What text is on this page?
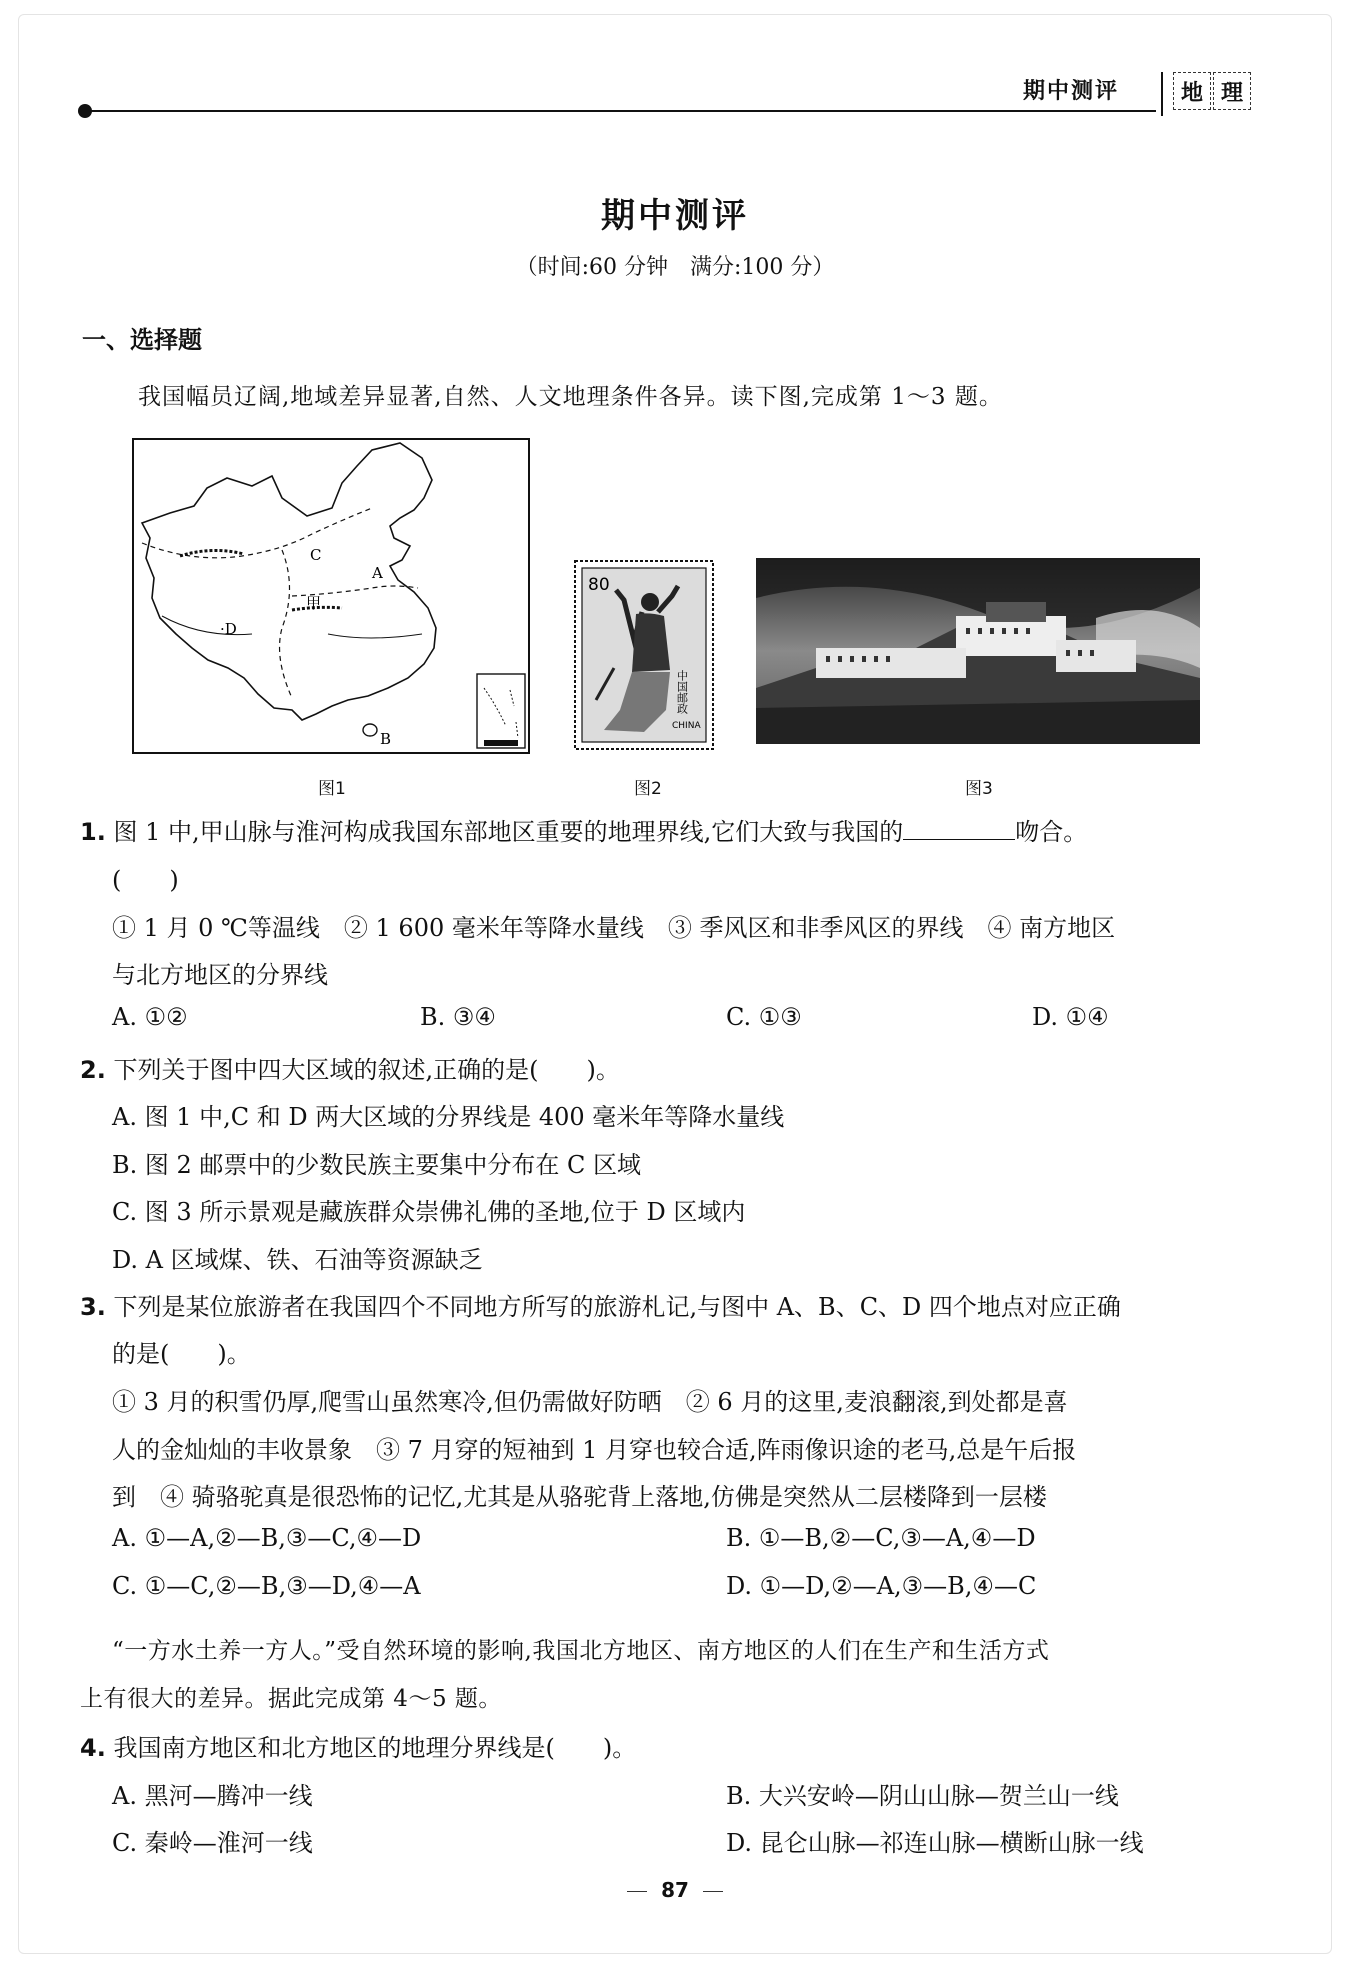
期中测评	地 理
期中测评
（时间:60 分钟　满分:100 分）
一、选择题
我国幅员辽阔,地域差异显著,自然、人文地理条件各异。读下图,完成第 1～3 题。
C
A
甲
·D
B
80
中国邮政
CHINA
图1	图2	图3
1. 图 1 中,甲山脉与淮河构成我国东部地区重要的地理界线,它们大致与我国的	吻合。
(　　)
① 1 月 0 ℃等温线　② 1 600 毫米年等降水量线　③ 季风区和非季风区的界线　④ 南方地区
与北方地区的分界线
A. ①②	B. ③④	C. ①③	D. ①④
2. 下列关于图中四大区域的叙述,正确的是(　　)。
A. 图 1 中,C 和 D 两大区域的分界线是 400 毫米年等降水量线
B. 图 2 邮票中的少数民族主要集中分布在 C 区域
C. 图 3 所示景观是藏族群众崇佛礼佛的圣地,位于 D 区域内
D. A 区域煤、铁、石油等资源缺乏
3. 下列是某位旅游者在我国四个不同地方所写的旅游札记,与图中 A、B、C、D 四个地点对应正确
的是(　　)。
① 3 月的积雪仍厚,爬雪山虽然寒冷,但仍需做好防晒　② 6 月的这里,麦浪翻滚,到处都是喜
人的金灿灿的丰收景象　③ 7 月穿的短袖到 1 月穿也较合适,阵雨像识途的老马,总是午后报
到　④ 骑骆驼真是很恐怖的记忆,尤其是从骆驼背上落地,仿佛是突然从二层楼降到一层楼
A. ①—A,②—B,③—C,④—D	B. ①—B,②—C,③—A,④—D
C. ①—C,②—B,③—D,④—A	D. ①—D,②—A,③—B,④—C
“一方水土养一方人。”受自然环境的影响,我国北方地区、南方地区的人们在生产和生活方式
上有很大的差异。据此完成第 4～5 题。
4. 我国南方地区和北方地区的地理分界线是(　　)。
A. 黑河—腾冲一线	B. 大兴安岭—阴山山脉—贺兰山一线
C. 秦岭—淮河一线	D. 昆仑山脉—祁连山脉—横断山脉一线
87
